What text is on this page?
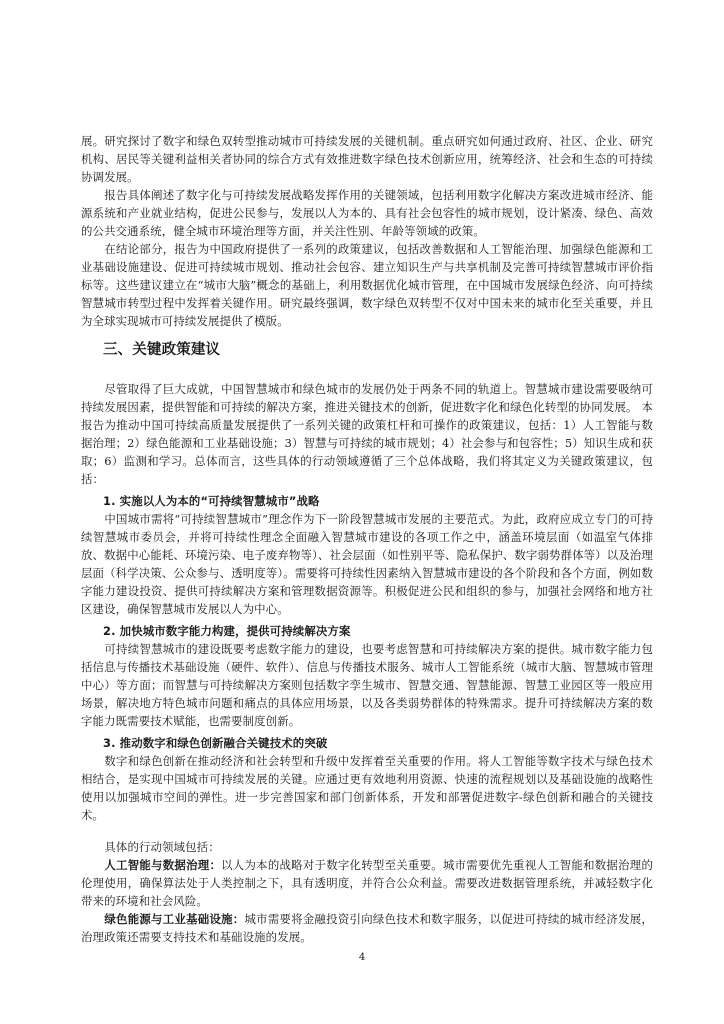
展。研究探讨了数字和绿色双转型推动城市可持续发展的关键机制。重点研究如何通过政府、社区、企业、研究机构、居民等关键利益相关者协同的综合方式有效推进数字绿色技术创新应用，统筹经济、社会和生态的可持续协调发展。

报告具体阐述了数字化与可持续发展战略发挥作用的关键领域，包括利用数字化解决方案改进城市经济、能源系统和产业就业结构，促进公民参与，发展以人为本的、具有社会包容性的城市规划，设计紧凑、绿色、高效的公共交通系统，健全城市环境治理等方面，并关注性别、年龄等领域的政策。

在结论部分，报告为中国政府提供了一系列的政策建议，包括改善数据和人工智能治理、加强绿色能源和工业基础设施建设、促进可持续城市规划、推动社会包容、建立知识生产与共享机制及完善可持续智慧城市评价指标等。这些建议建立在“城市大脑”概念的基础上，利用数据优化城市管理，在中国城市发展绿色经济、向可持续智慧城市转型过程中发挥着关键作用。研究最终强调，数字绿色双转型不仅对中国未来的城市化至关重要，并且为全球实现城市可持续发展提供了模版。

三、关键政策建议

尽管取得了巨大成就，中国智慧城市和绿色城市的发展仍处于两条不同的轨道上。智慧城市建设需要吸纳可持续发展因素，提供智能和可持续的解决方案，推进关键技术的创新，促进数字化和绿色化转型的协同发展。 本报告为推动中国可持续高质量发展提供了一系列关键的政策杠杆和可操作的政策建议，包括：1）人工智能与数据治理；2）绿色能源和工业基础设施；3）智慧与可持续的城市规划；4）社会参与和包容性；5）知识生成和获取；6）监测和学习。总体而言，这些具体的行动领域遵循了三个总体战略，我们将其定义为关键政策建议，包括：

1. 实施以人为本的“可持续智慧城市”战略

中国城市需将“可持续智慧城市”理念作为下一阶段智慧城市发展的主要范式。为此，政府应成立专门的可持续智慧城市委员会，并将可持续性理念全面融入智慧城市建设的各项工作之中，涵盖环境层面（如温室气体排放、数据中心能耗、环境污染、电子废弃物等）、社会层面（如性别平等、隐私保护、数字弱势群体等）以及治理层面（科学决策、公众参与、透明度等）。需要将可持续性因素纳入智慧城市建设的各个阶段和各个方面，例如数字能力建设投资、提供可持续解决方案和管理数据资源等。积极促进公民和组织的参与，加强社会网络和地方社区建设，确保智慧城市发展以人为中心。

2. 加快城市数字能力构建，提供可持续解决方案

可持续智慧城市的建设既要考虑数字能力的建设，也要考虑智慧和可持续解决方案的提供。城市数字能力包括信息与传播技术基础设施（硬件、软件）、信息与传播技术服务、城市人工智能系统（城市大脑、智慧城市管理中心）等方面；而智慧与可持续解决方案则包括数字孪生城市、智慧交通、智慧能源、智慧工业园区等一般应用场景，解决地方特色城市问题和痛点的具体应用场景，以及各类弱势群体的特殊需求。提升可持续解决方案的数字能力既需要技术赋能，也需要制度创新。

3. 推动数字和绿色创新融合关键技术的突破

数字和绿色创新在推动经济和社会转型和升级中发挥着至关重要的作用。将人工智能等数字技术与绿色技术相结合，是实现中国城市可持续发展的关键。应通过更有效地利用资源、快速的流程规划以及基础设施的战略性使用以加强城市空间的弹性。进一步完善国家和部门创新体系，开发和部署促进数字-绿色创新和融合的关键技术。

具体的行动领域包括：

人工智能与数据治理：以人为本的战略对于数字化转型至关重要。城市需要优先重视人工智能和数据治理的伦理使用，确保算法处于人类控制之下，具有透明度，并符合公众利益。需要改进数据管理系统，并减轻数字化带来的环境和社会风险。

绿色能源与工业基础设施：城市需要将金融投资引向绿色技术和数字服务，以促进可持续的城市经济发展，治理政策还需要支持技术和基础设施的发展。

4
